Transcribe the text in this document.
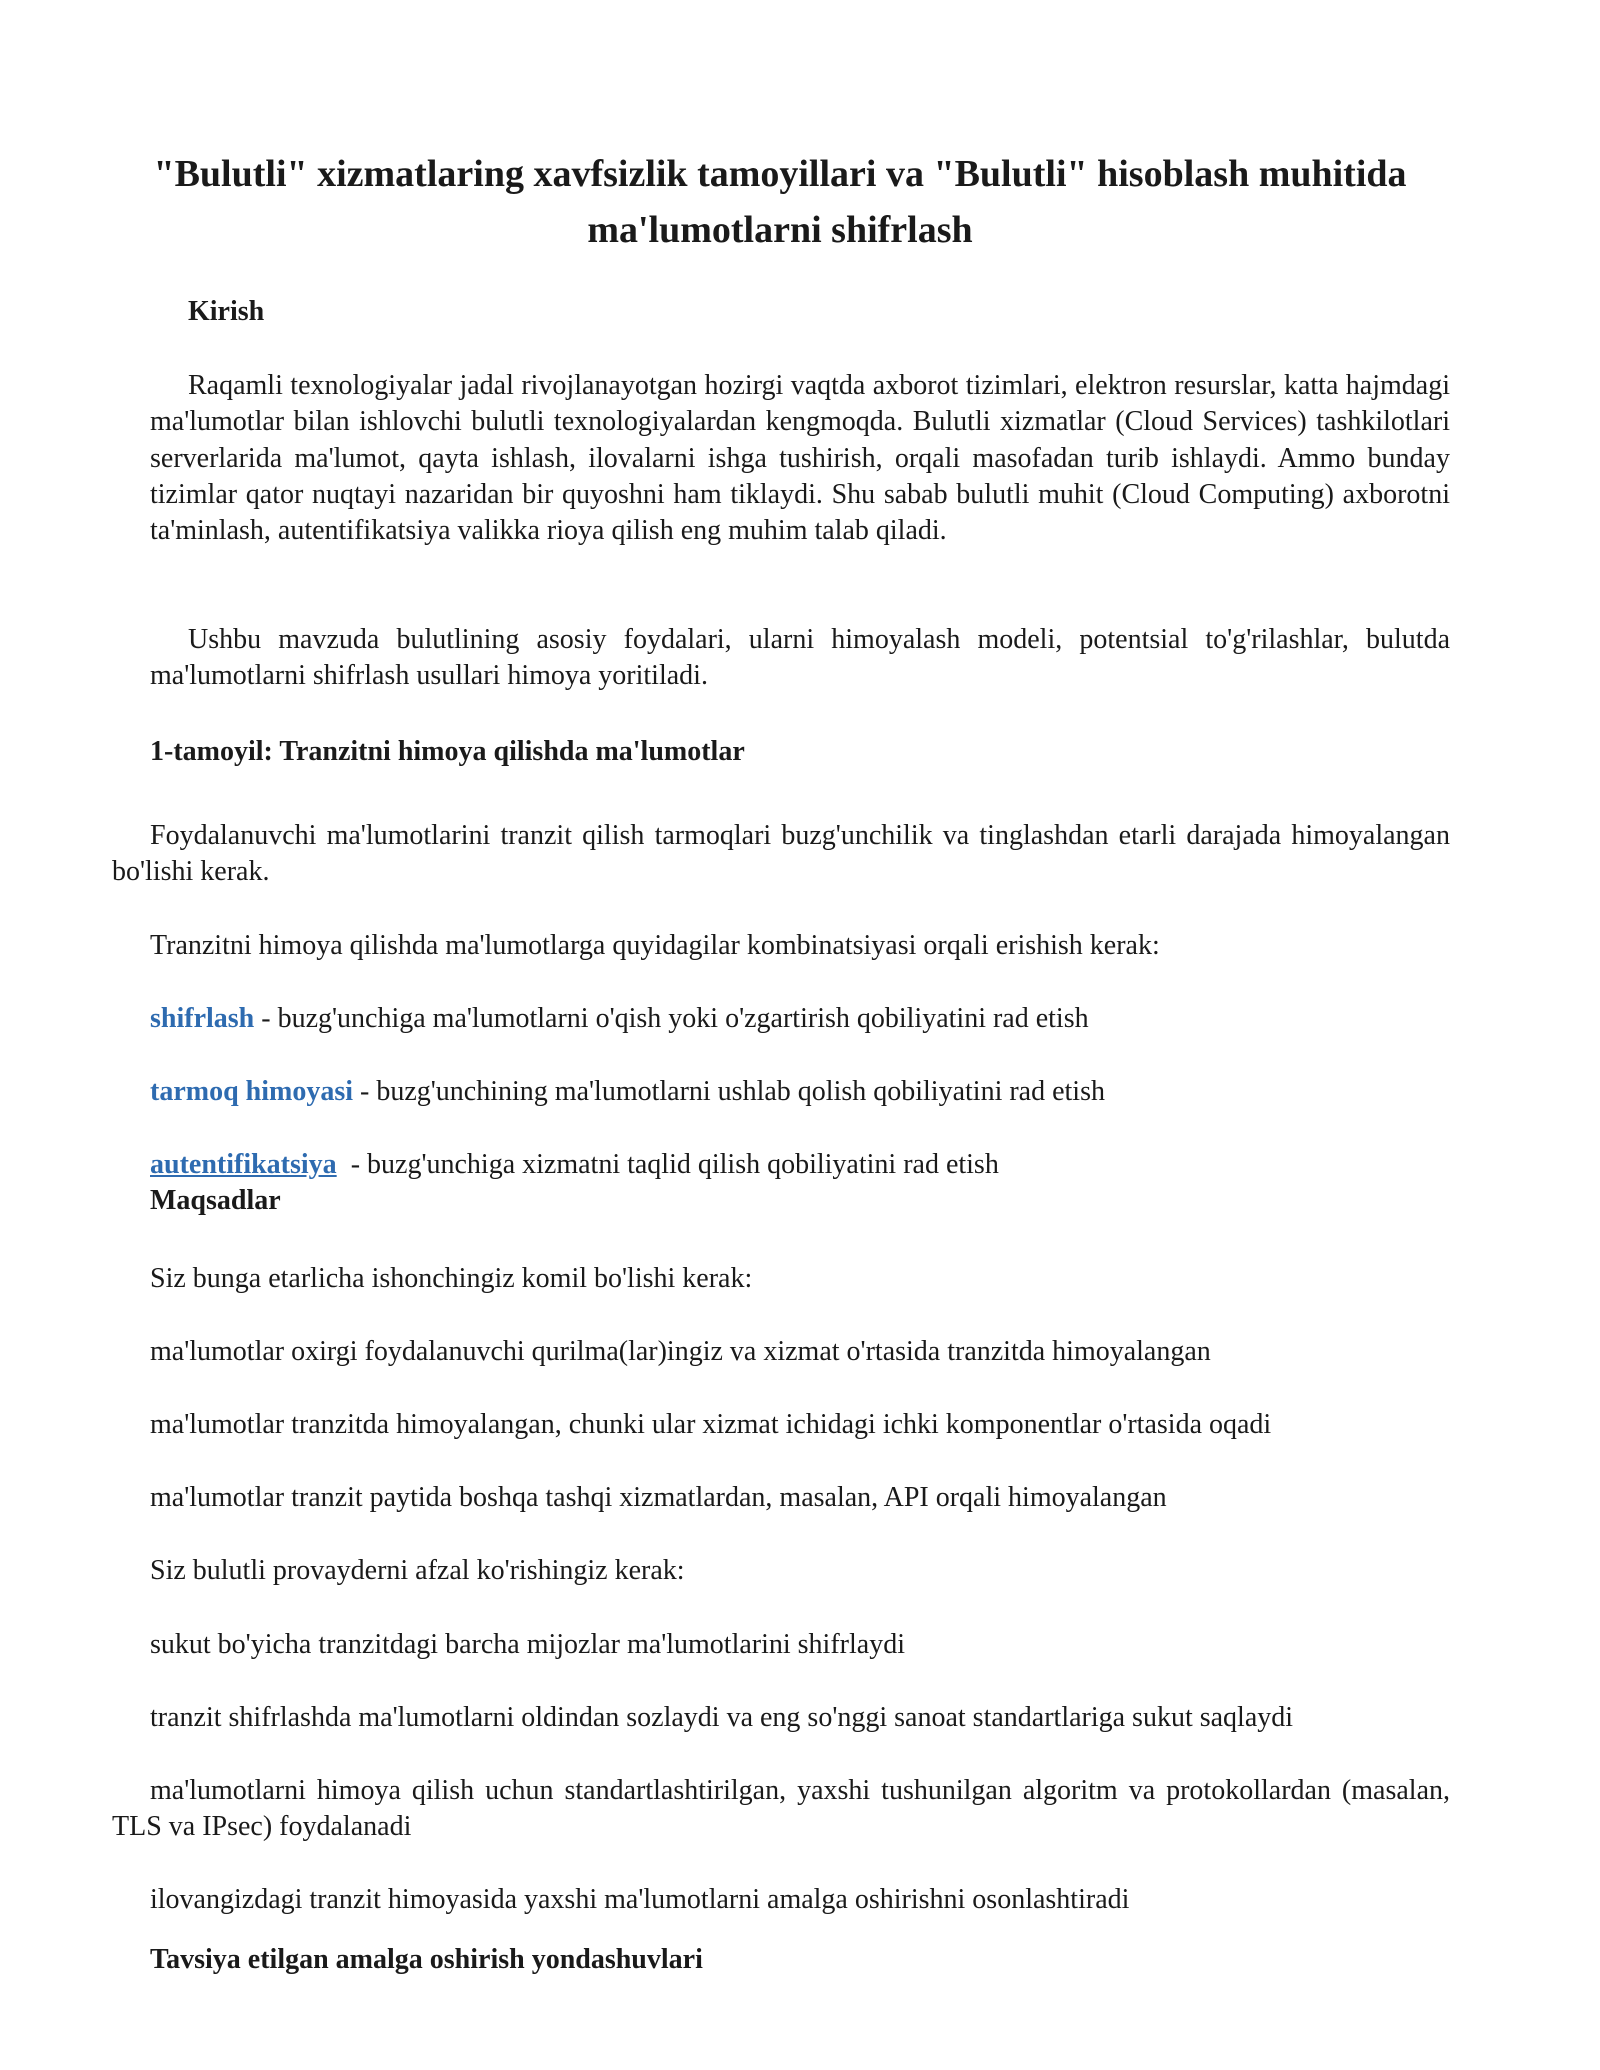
"Bulutli" xizmatlaring xavfsizlik tamoyillari va "Bulutli" hisoblash muhitida ma'lumotlarni shifrlash

Kirish

Raqamli texnologiyalar jadal rivojlanayotgan hozirgi vaqtda axborot tizimlari, elektron resurslar, katta hajmdagi ma'lumotlar bilan ishlovchi bulutli texnologiyalardan kengmoqda. Bulutli xizmatlar (Cloud Services) tashkilotlari serverlarida ma'lumot, qayta ishlash, ilovalarni ishga tushirish, orqali masofadan turib ishlaydi. Ammo bunday tizimlar qator nuqtayi nazaridan bir quyoshni ham tiklaydi. Shu sabab bulutli muhit (Cloud Computing) axborotni ta'minlash, autentifikatsiya valikka rioya qilish eng muhim talab qiladi.

Ushbu mavzuda bulutlining asosiy foydalari, ularni himoyalash modeli, potentsial to'g'rilashlar, bulutda ma'lumotlarni shifrlash usullari himoya yoritiladi.

1-tamoyil: Tranzitni himoya qilishda ma'lumotlar

Foydalanuvchi ma'lumotlarini tranzit qilish tarmoqlari buzg'unchilik va tinglashdan etarli darajada himoyalangan bo'lishi kerak.

Tranzitni himoya qilishda ma'lumotlarga quyidagilar kombinatsiyasi orqali erishish kerak:

shifrlash - buzg'unchiga ma'lumotlarni o'qish yoki o'zgartirish qobiliyatini rad etish

tarmoq himoyasi - buzg'unchining ma'lumotlarni ushlab qolish qobiliyatini rad etish

autentifikatsiya  - buzg'unchiga xizmatni taqlid qilish qobiliyatini rad etish

Maqsadlar

Siz bunga etarlicha ishonchingiz komil bo'lishi kerak:

ma'lumotlar oxirgi foydalanuvchi qurilma(lar)ingiz va xizmat o'rtasida tranzitda himoyalangan

ma'lumotlar tranzitda himoyalangan, chunki ular xizmat ichidagi ichki komponentlar o'rtasida oqadi

ma'lumotlar tranzit paytida boshqa tashqi xizmatlardan, masalan, API orqali himoyalangan

Siz bulutli provayderni afzal ko'rishingiz kerak:

sukut bo'yicha tranzitdagi barcha mijozlar ma'lumotlarini shifrlaydi

tranzit shifrlashda ma'lumotlarni oldindan sozlaydi va eng so'nggi sanoat standartlariga sukut saqlaydi

ma'lumotlarni himoya qilish uchun standartlashtirilgan, yaxshi tushunilgan algoritm va protokollardan (masalan, TLS va IPsec) foydalanadi

ilovangizdagi tranzit himoyasida yaxshi ma'lumotlarni amalga oshirishni osonlashtiradi

Tavsiya etilgan amalga oshirish yondashuvlari
